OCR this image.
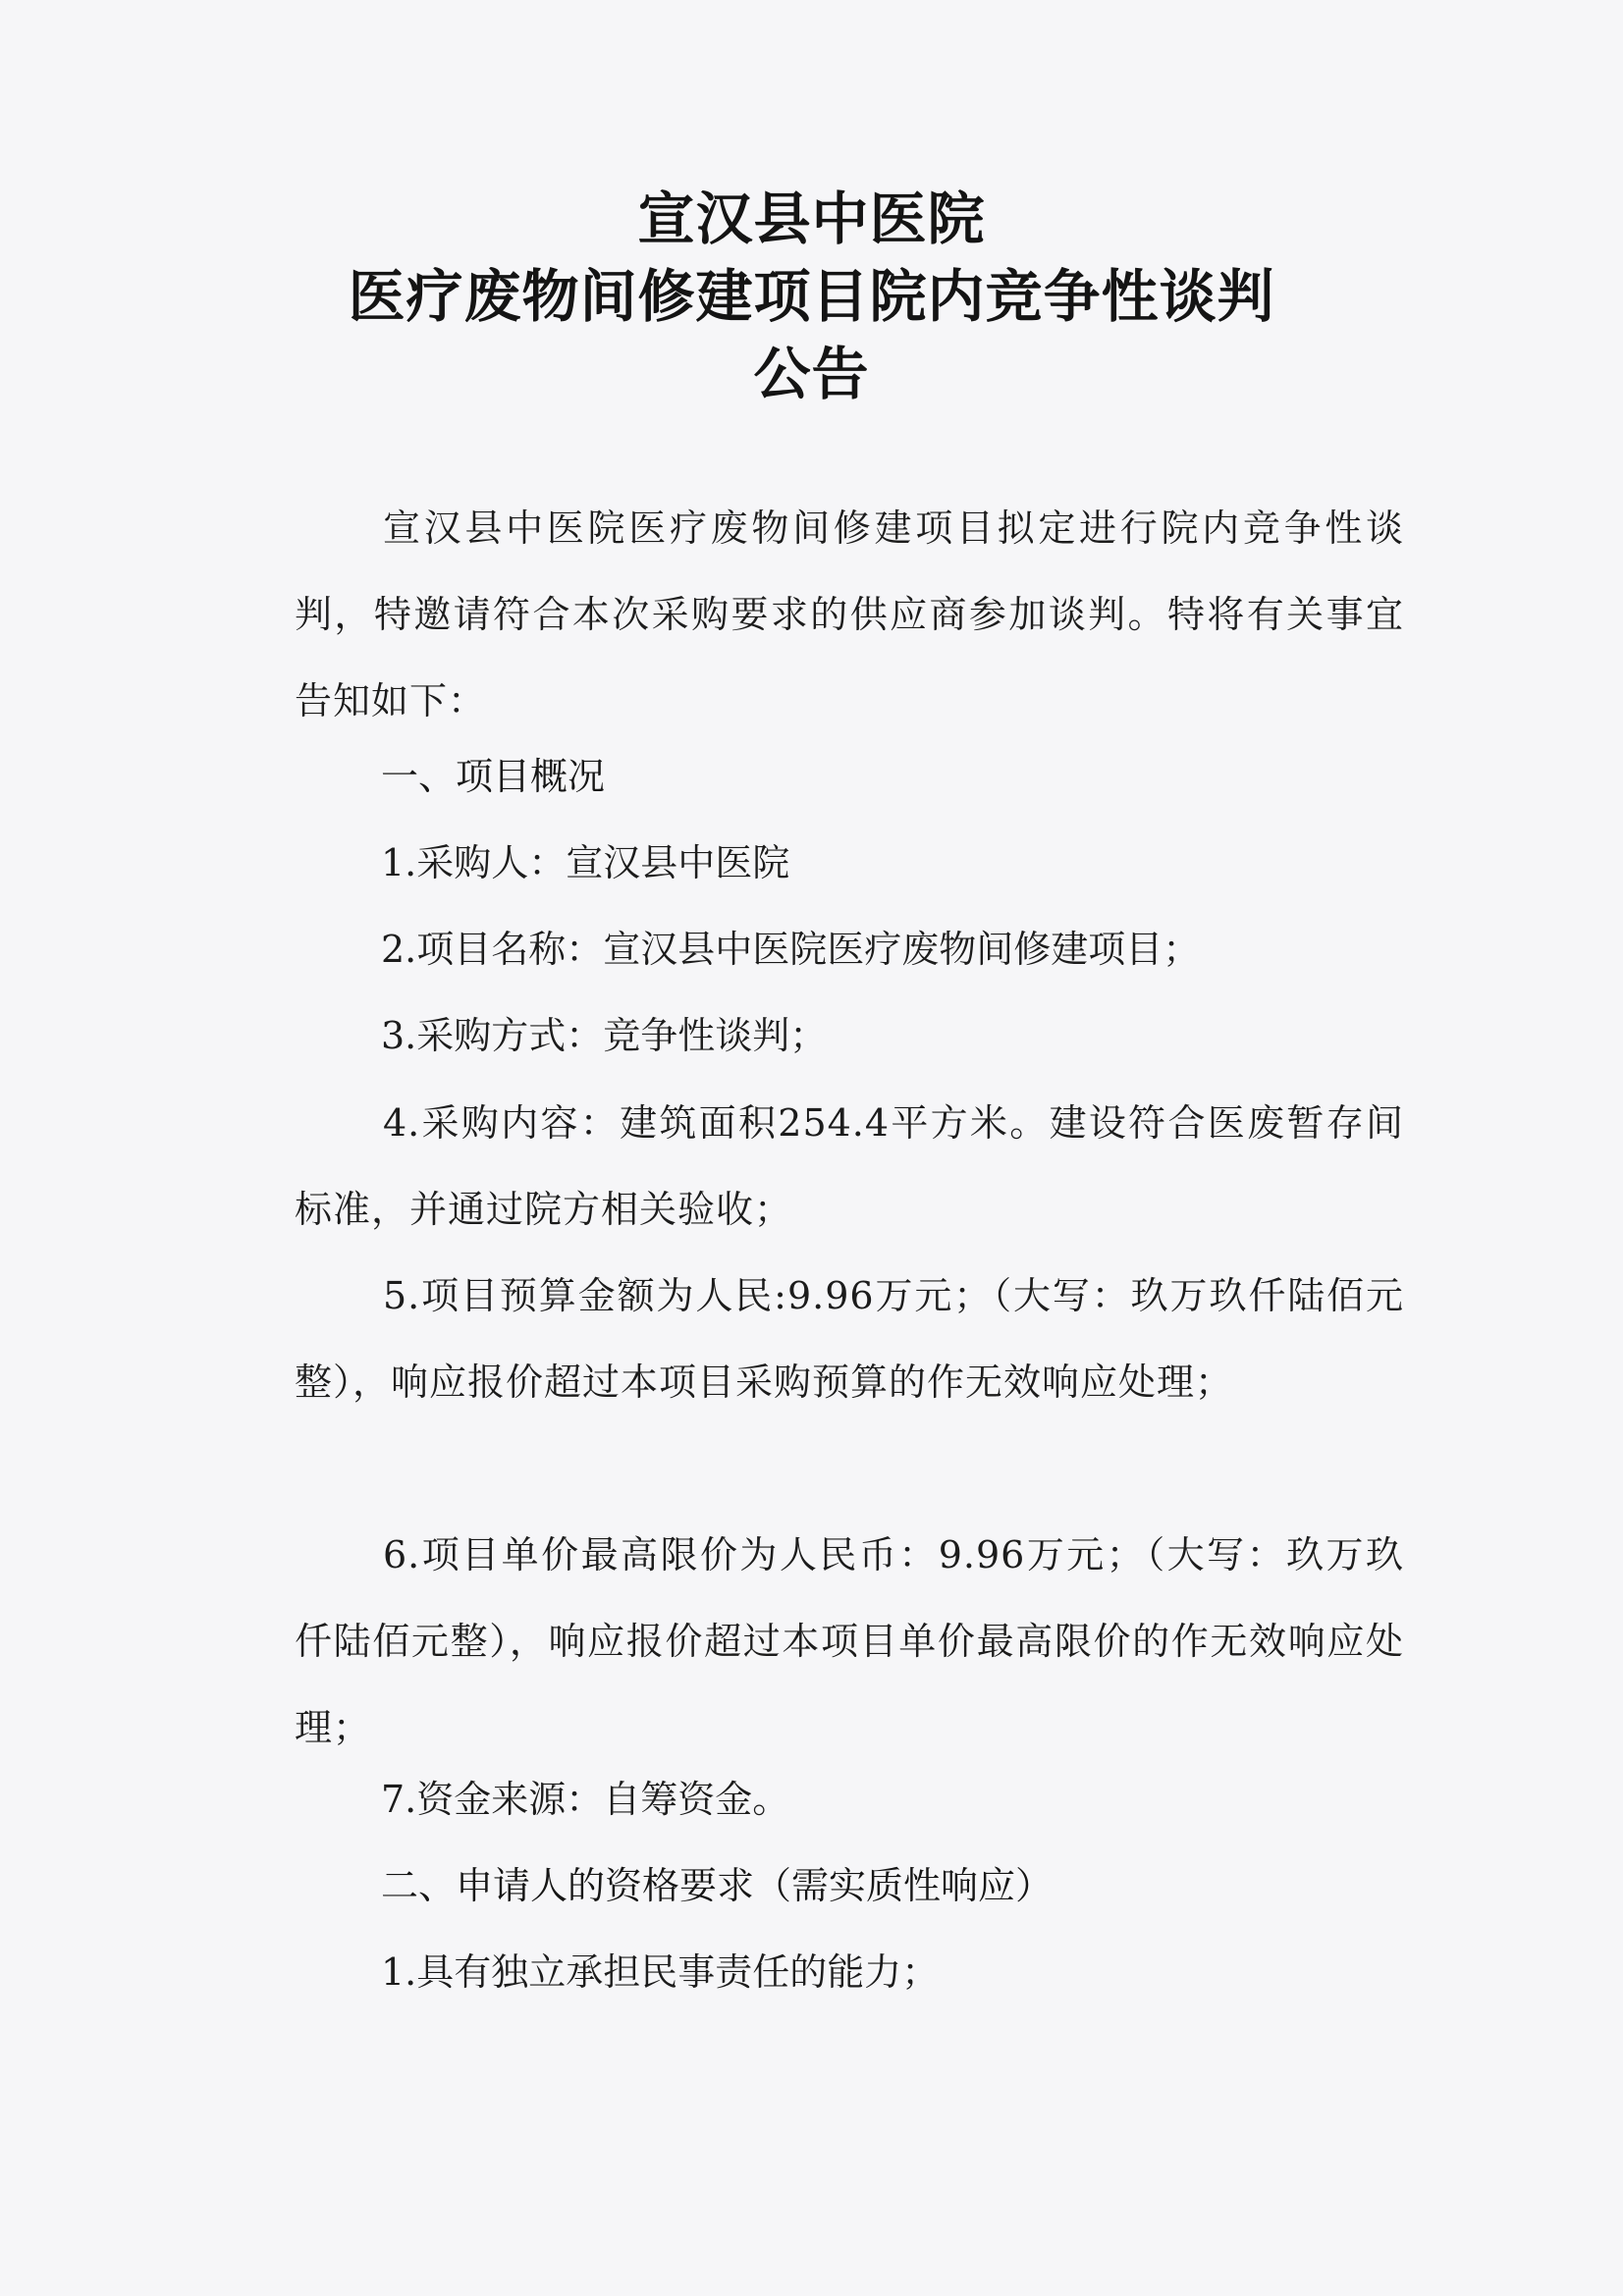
宣汉县中医院
医疗废物间修建项目院内竞争性谈判
公告
宣汉县中医院医疗废物间修建项目拟定进行院内竞争性谈判，特邀请符合本次采购要求的供应商参加谈判。特将有关事宜告知如下：
一、项目概况
1.采购人：宣汉县中医院
2.项目名称：宣汉县中医院医疗废物间修建项目；
3.采购方式：竞争性谈判；
4.采购内容：建筑面积254.4平方米。建设符合医废暂存间标准，并通过院方相关验收；
5.项目预算金额为人民:9.96万元；（大写：玖万玖仟陆佰元整），响应报价超过本项目采购预算的作无效响应处理；
6.项目单价最高限价为人民币：9.96万元；（大写：玖万玖仟陆佰元整），响应报价超过本项目单价最高限价的作无效响应处理；
7.资金来源：自筹资金。
二、申请人的资格要求（需实质性响应）
1.具有独立承担民事责任的能力；
